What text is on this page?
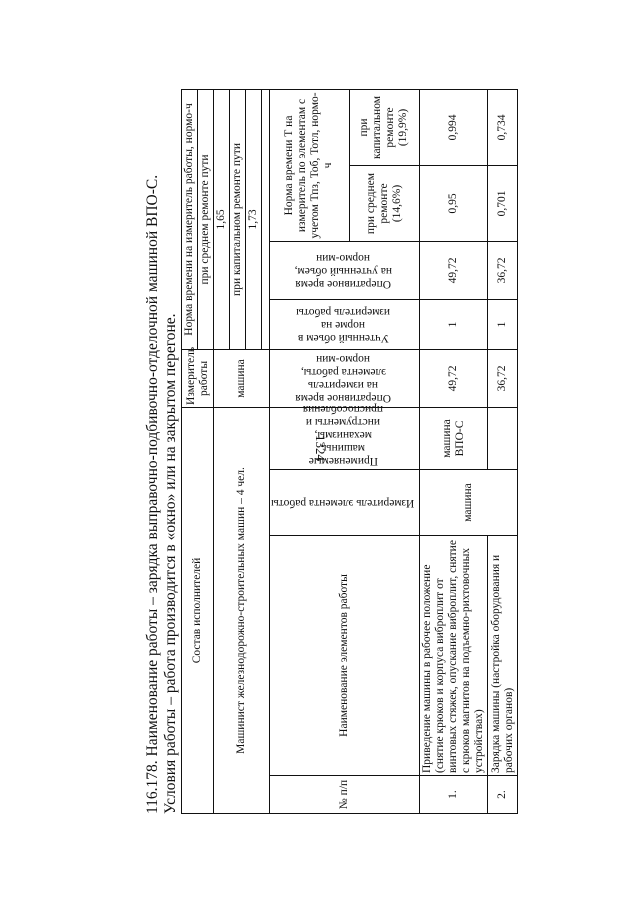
1324
116.178. Наименование работы – зарядка выправочно-подбивочно-отделочной машиной ВПО-С. Условия работы – работа производится в «окно» или на закрытом перегоне. Состав исполнителей				Измеритель работы	Норма времени на измеритель работы, нормо-ч			
					при среднем ремонте пути			
Машинист железнодорожно-строительных машин – 4 чел.				машина	1,65			
					при капитальном ремонте пути			
					1,73			

№ п/п	Наименование элементов работы	Измеритель элемента работы	Применяемые машины, механизмы, инструменты и приспособления	Оперативное время на измеритель элемента работы, нормо-мин	Учтенный объем в норме на измеритель работы	Оперативное время на учтенный объем, нормо-мин	Норма времени Т на измеритель по элементам с учетом Тпз, Тоб, Тотл, нормо-ч	
							при среднем ремонте (14,6%)	при капитальном ремонте (19,9%)
1.	Приведение машины в рабочее положение (снятие крюков и корпуса виброплит от винтовых стяжек, опускание виброплит, снятие с крюков магнитов на подъемно-рихтовочных устройствах)	машина	машина ВПО-С	49,72	1	49,72	0,95	0,994
2.	Зарядка машины (настройка оборудования и рабочих органов)			36,72	1	36,72	0,701	0,734
